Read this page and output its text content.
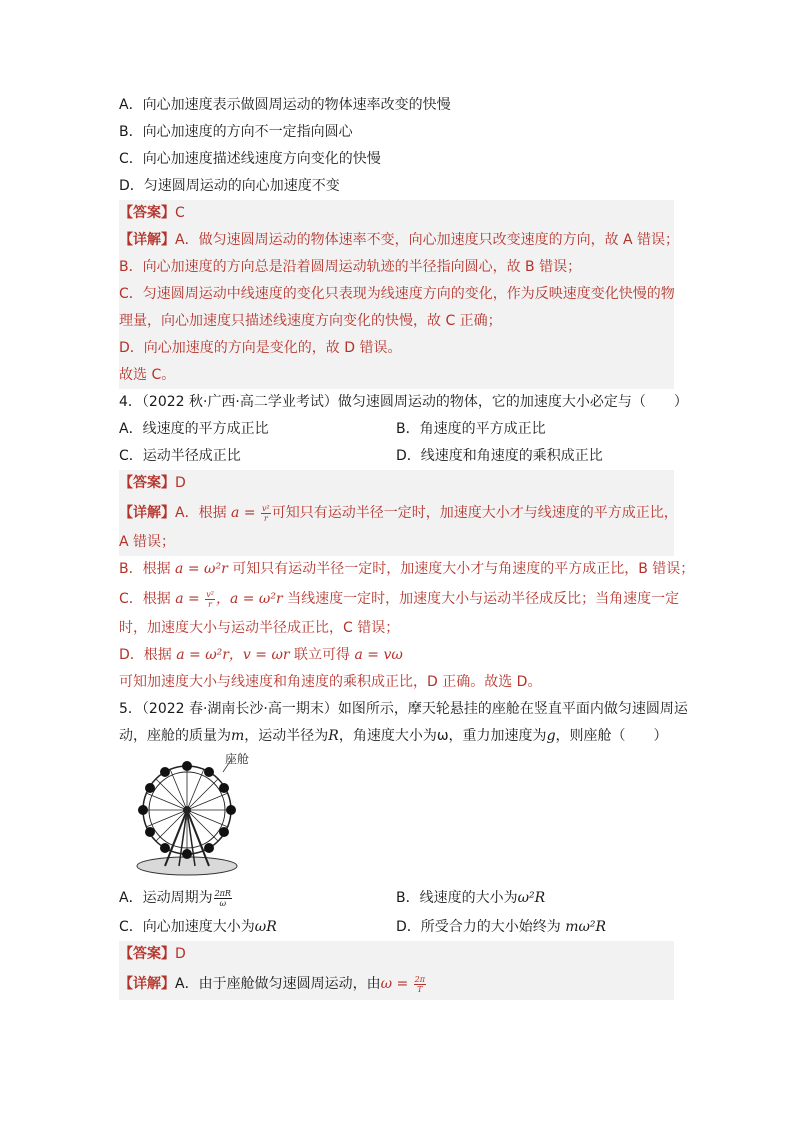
A．向心加速度表示做圆周运动的物体速率改变的快慢
B．向心加速度的方向不一定指向圆心
C．向心加速度描述线速度方向变化的快慢
D．匀速圆周运动的向心加速度不变
【答案】C
【详解】A．做匀速圆周运动的物体速率不变，向心加速度只改变速度的方向，故 A 错误；
B．向心加速度的方向总是沿着圆周运动轨迹的半径指向圆心，故 B 错误；
C．匀速圆周运动中线速度的变化只表现为线速度方向的变化，作为反映速度变化快慢的物
理量，向心加速度只描述线速度方向变化的快慢，故 C 正确；
D．向心加速度的方向是变化的，故 D 错误。
故选 C。
4．（2022 秋·广西·高二学业考试）做匀速圆周运动的物体，它的加速度大小必定与（　　）
A．线速度的平方成正比	B．角速度的平方成正比
C．运动半径成正比	D．线速度和角速度的乘积成正比
【答案】D
【详解】A．根据 $a = \frac{\text{v²}}{r}$ 可知只有运动半径一定时，加速度大小才与线速度的平方成正比，
A 错误；
B．根据 a = ω²r 可知只有运动半径一定时，加速度大小才与角速度的平方成正比，B 错误；
C．根据 $a = \frac{\text{v²}}{r}$ ，a = ω²r 当线速度一定时，加速度大小与运动半径成反比；当角速度一定
时，加速度大小与运动半径成正比，C 错误；
D．根据 a = ω²r，v = ωr 联立可得 a = vω
可知加速度大小与线速度和角速度的乘积成正比，D 正确。故选 D。
5．（2022 春·湖南长沙·高一期末）如图所示，摩天轮悬挂的座舱在竖直平面内做匀速圆周运
动，座舱的质量为m，运动半径为R，角速度大小为ω，重力加速度为g，则座舱（　　）
座舱
A．运动周期为 $\frac{2\pi R}{\omega}$	B．线速度的大小为ω²R
C．向心加速度大小为ωR	D．所受合力的大小始终为 mω²R
【答案】D
【详解】A．由于座舱做匀速圆周运动，由$\omega = \frac{2\pi}{T}$
